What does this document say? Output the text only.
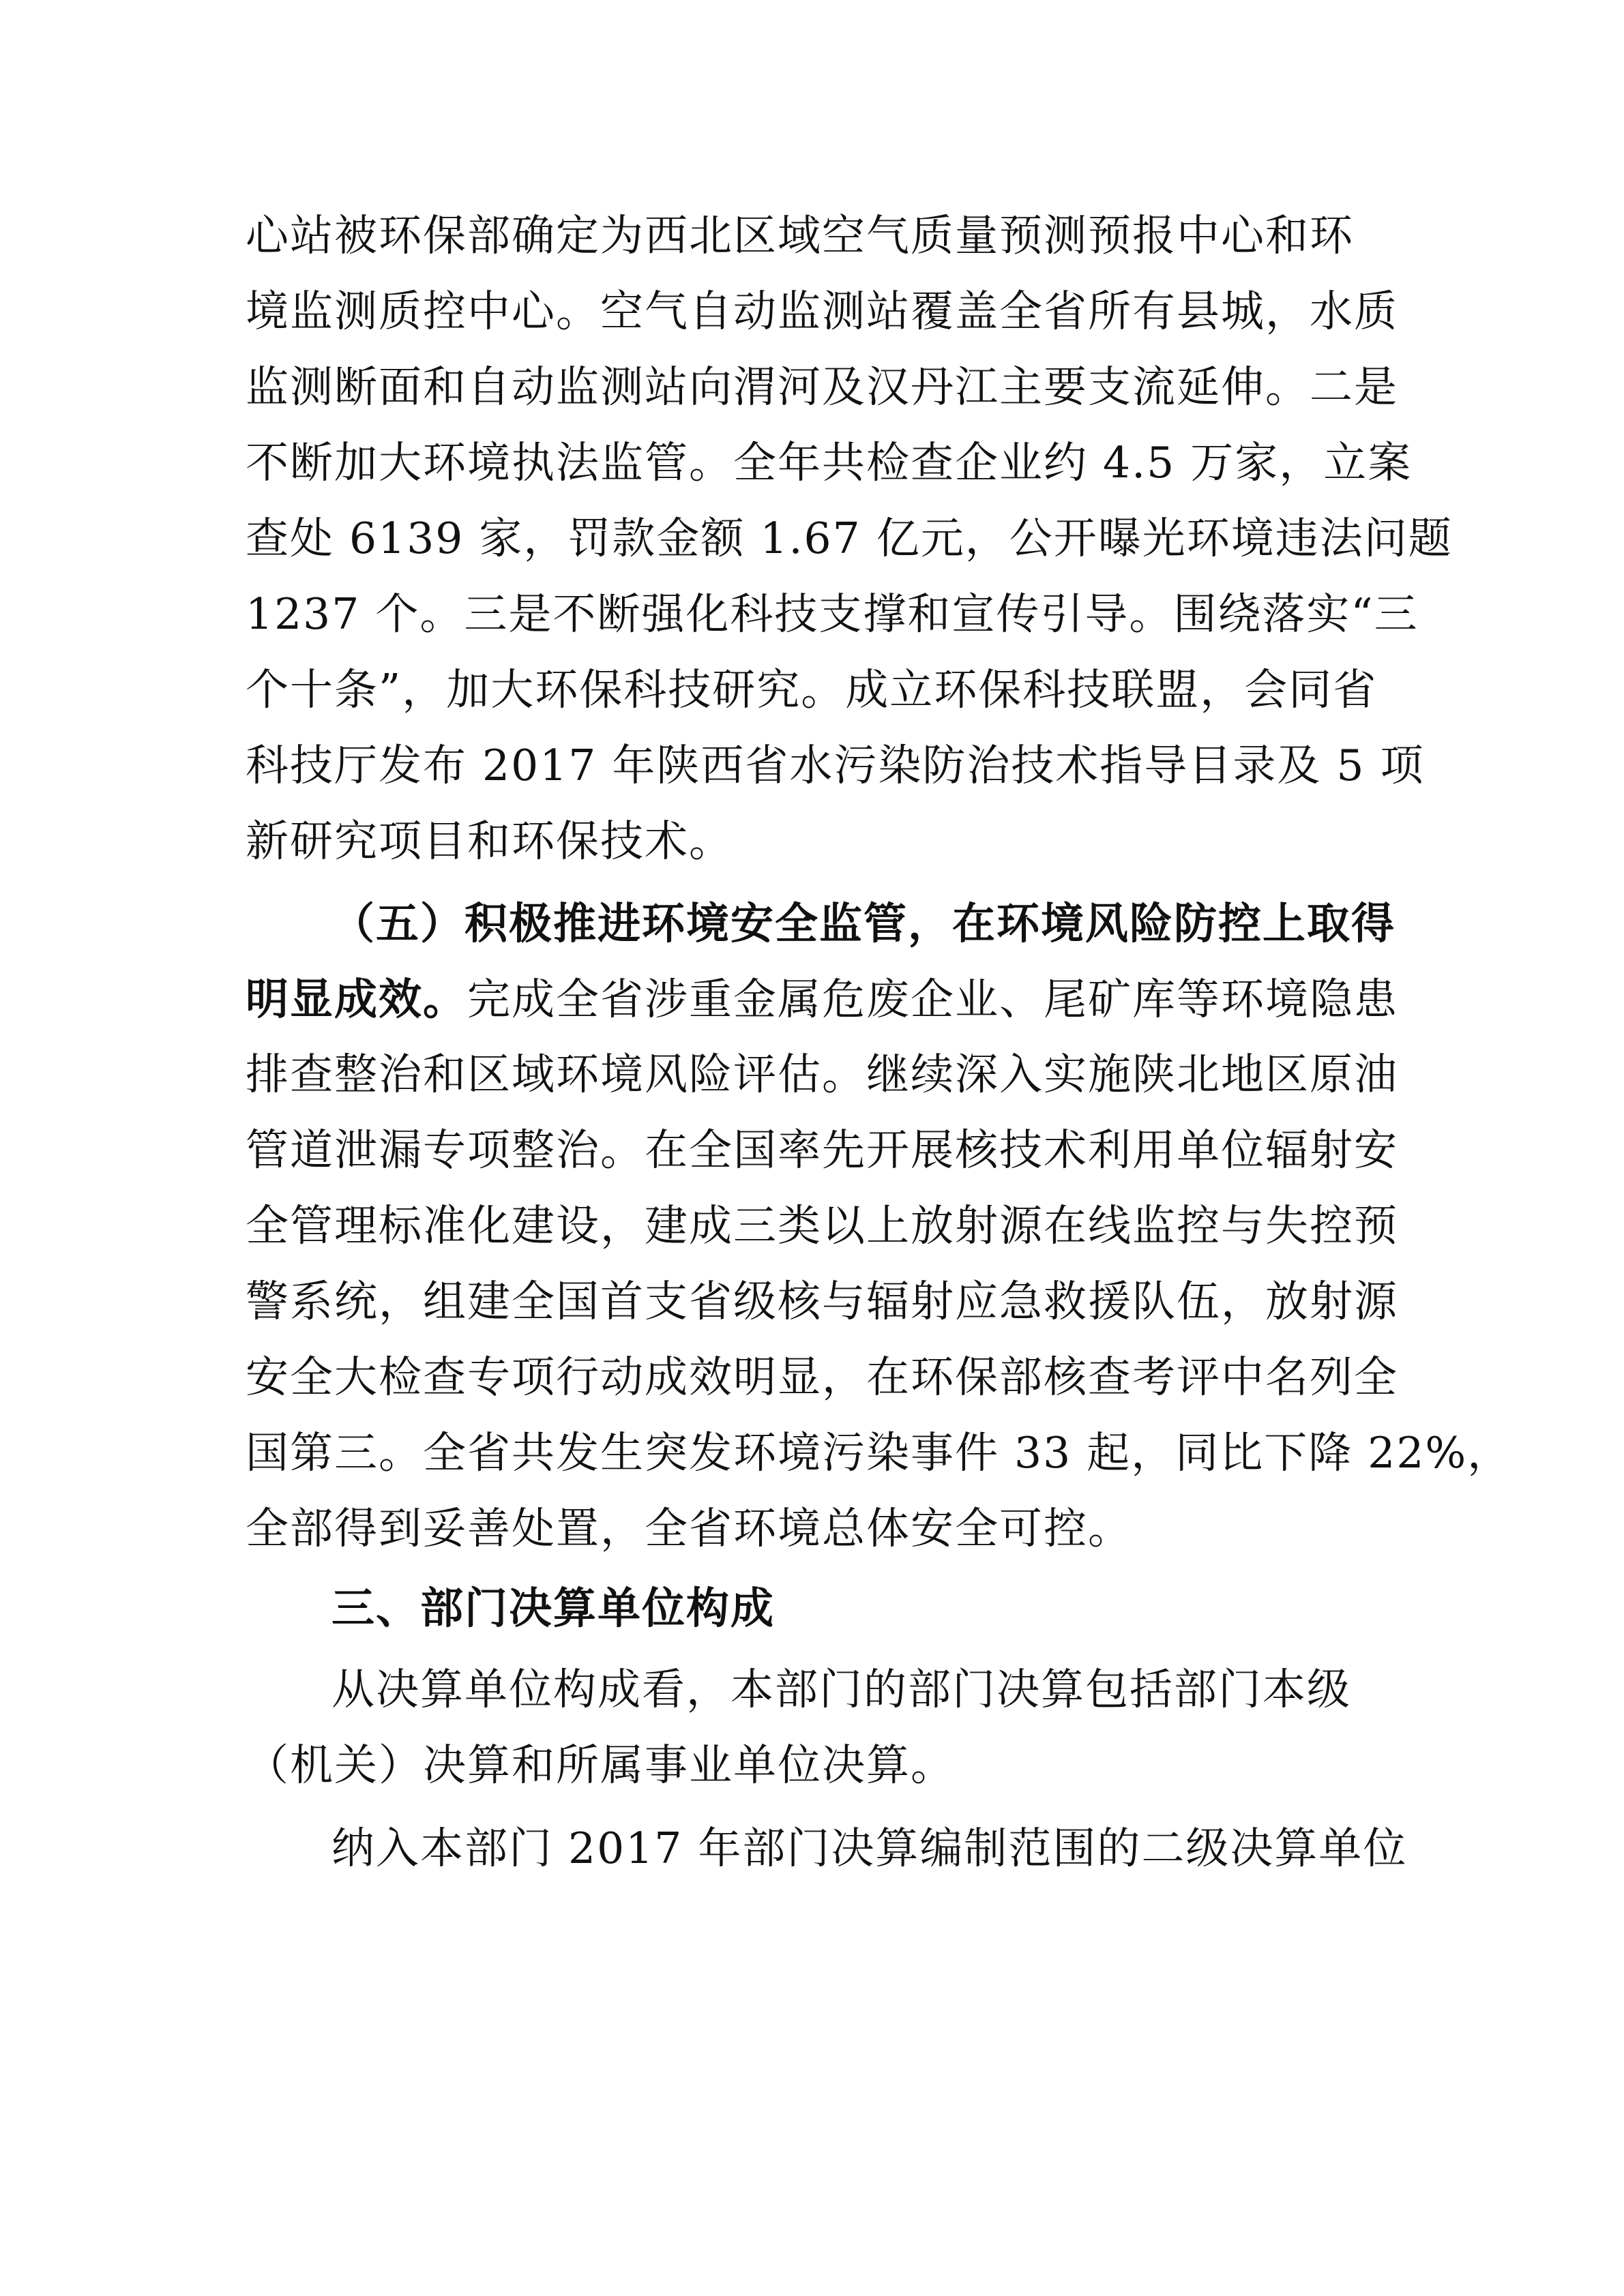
心站被环保部确定为西北区域空气质量预测预报中心和环
境监测质控中心。空气自动监测站覆盖全省所有县城，水质
监测断面和自动监测站向渭河及汉丹江主要支流延伸。二是
不断加大环境执法监管。全年共检查企业约 4.5 万家，立案
查处 6139 家，罚款金额 1.67 亿元，公开曝光环境违法问题
1237 个。三是不断强化科技支撑和宣传引导。围绕落实“三
个十条”，加大环保科技研究。成立环保科技联盟，会同省
科技厅发布 2017 年陕西省水污染防治技术指导目录及 5 项
新研究项目和环保技术。
（五）积极推进环境安全监管，在环境风险防控上取得
明显成效。完成全省涉重金属危废企业、尾矿库等环境隐患
排查整治和区域环境风险评估。继续深入实施陕北地区原油
管道泄漏专项整治。在全国率先开展核技术利用单位辐射安
全管理标准化建设，建成三类以上放射源在线监控与失控预
警系统，组建全国首支省级核与辐射应急救援队伍，放射源
安全大检查专项行动成效明显，在环保部核查考评中名列全
国第三。全省共发生突发环境污染事件 33 起，同比下降 22%，
全部得到妥善处置，全省环境总体安全可控。
三、部门决算单位构成
从决算单位构成看，本部门的部门决算包括部门本级
（机关）决算和所属事业单位决算。
纳入本部门 2017 年部门决算编制范围的二级决算单位
